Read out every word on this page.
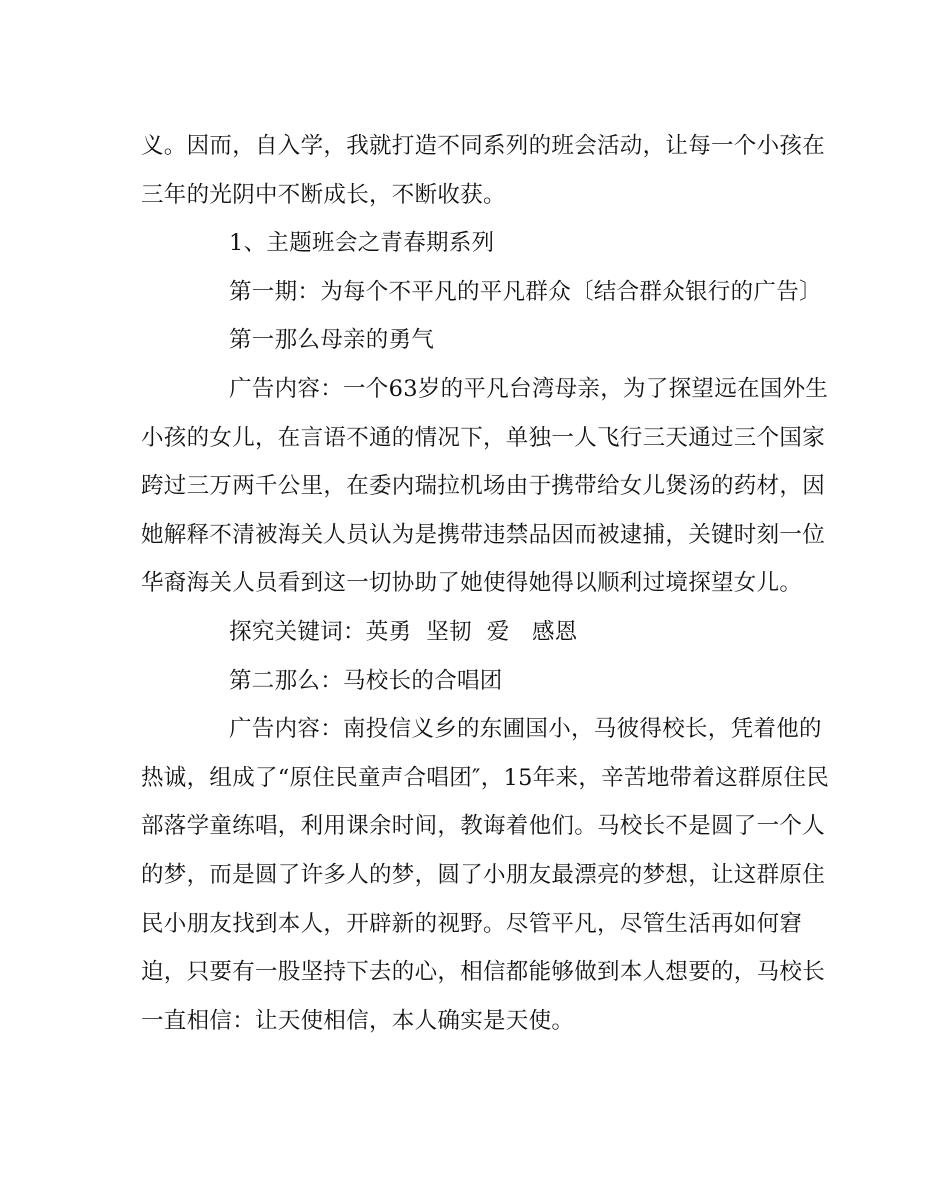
义。因而，自入学，我就打造不同系列的班会活动，让每一个小孩在
三年的光阴中不断成长，不断收获。
1、主题班会之青春期系列
第一期：为每个不平凡的平凡群众〔结合群众银行的广告〕
第一那么母亲的勇气
广告内容：一个63岁的平凡台湾母亲，为了探望远在国外生
小孩的女儿，在言语不通的情况下，单独一人飞行三天通过三个国家
跨过三万两千公里，在委内瑞拉机场由于携带给女儿煲汤的药材，因
她解释不清被海关人员认为是携带违禁品因而被逮捕，关键时刻一位
华裔海关人员看到这一切协助了她使得她得以顺利过境探望女儿。
探究关键词：英勇  坚韧  爱   感恩
第二那么：马校长的合唱团
广告内容：南投信义乡的东圃国小，马彼得校长，凭着他的
热诚，组成了“原住民童声合唱团″，15年来，辛苦地带着这群原住民
部落学童练唱，利用课余时间，教诲着他们。马校长不是圆了一个人
的梦，而是圆了许多人的梦，圆了小朋友最漂亮的梦想，让这群原住
民小朋友找到本人，开辟新的视野。尽管平凡，尽管生活再如何窘
迫，只要有一股坚持下去的心，相信都能够做到本人想要的，马校长
一直相信：让天使相信，本人确实是天使。
